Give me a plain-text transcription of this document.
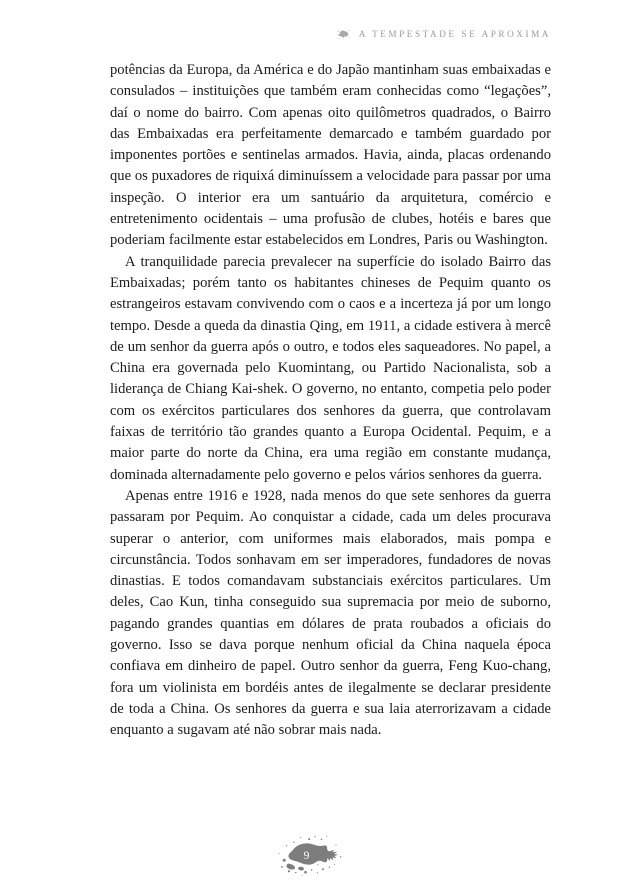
A TEMPESTADE SE APROXIMA

potências da Europa, da América e do Japão mantinham suas embaixadas e consulados – instituições que também eram conhecidas como “legações”, daí o nome do bairro. Com apenas oito quilômetros quadrados, o Bairro das Embaixadas era perfeitamente demarcado e também guardado por imponentes portões e sentinelas armados. Havia, ainda, placas ordenando que os puxadores de riquixá diminuíssem a velocidade para passar por uma inspeção. O interior era um santuário da arquitetura, comércio e entretenimento ocidentais – uma profusão de clubes, hotéis e bares que poderiam facilmente estar estabelecidos em Londres, Paris ou Washington.

A tranquilidade parecia prevalecer na superfície do isolado Bairro das Embaixadas; porém tanto os habitantes chineses de Pequim quanto os estrangeiros estavam convivendo com o caos e a incerteza já por um longo tempo. Desde a queda da dinastia Qing, em 1911, a cidade estivera à mercê de um senhor da guerra após o outro, e todos eles saqueadores. No papel, a China era governada pelo Kuomintang, ou Partido Nacionalista, sob a liderança de Chiang Kai-shek. O governo, no entanto, competia pelo poder com os exércitos particulares dos senhores da guerra, que controlavam faixas de território tão grandes quanto a Europa Ocidental. Pequim, e a maior parte do norte da China, era uma região em constante mudança, dominada alternadamente pelo governo e pelos vários senhores da guerra.

Apenas entre 1916 e 1928, nada menos do que sete senhores da guerra passaram por Pequim. Ao conquistar a cidade, cada um deles procurava superar o anterior, com uniformes mais elaborados, mais pompa e circunstância. Todos sonhavam em ser imperadores, fundadores de novas dinastias. E todos comandavam substanciais exércitos particulares. Um deles, Cao Kun, tinha conseguido sua supremacia por meio de suborno, pagando grandes quantias em dólares de prata roubados a oficiais do governo. Isso se dava porque nenhum oficial da China naquela época confiava em dinheiro de papel. Outro senhor da guerra, Feng Kuo-chang, fora um violinista em bordéis antes de ilegalmente se declarar presidente de toda a China. Os senhores da guerra e sua laia aterrorizavam a cidade enquanto a sugavam até não sobrar mais nada.

9
